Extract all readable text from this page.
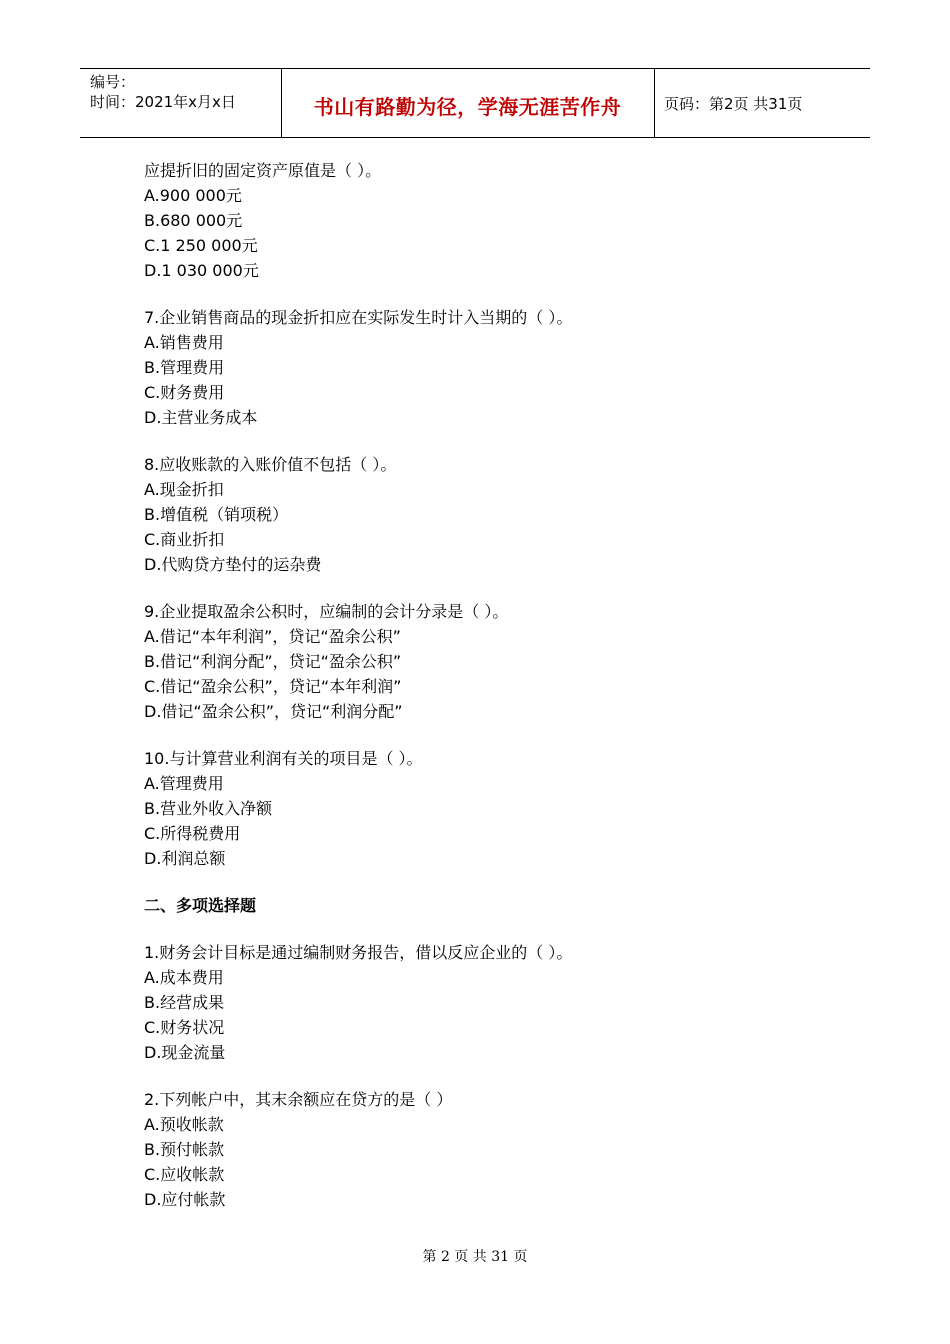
编号：
时间：2021年x月x日	书山有路勤为径，学海无涯苦作舟	页码：第2页 共31页
应提折旧的固定资产原值是（ ）。
A.900 000元
B.680 000元
C.1 250 000元
D.1 030 000元
7.企业销售商品的现金折扣应在实际发生时计入当期的（ ）。
A.销售费用
B.管理费用
C.财务费用
D.主营业务成本
8.应收账款的入账价值不包括（ ）。
A.现金折扣
B.增值税（销项税）
C.商业折扣
D.代购贷方垫付的运杂费
9.企业提取盈余公积时，应编制的会计分录是（ ）。
A.借记“本年利润”，贷记“盈余公积”
B.借记“利润分配”，贷记“盈余公积”
C.借记“盈余公积”，贷记“本年利润”
D.借记“盈余公积”，贷记“利润分配”
10.与计算营业利润有关的项目是（ ）。
A.管理费用
B.营业外收入净额
C.所得税费用
D.利润总额
二、多项选择题
1.财务会计目标是通过编制财务报告，借以反应企业的（ ）。
A.成本费用
B.经营成果
C.财务状况
D.现金流量
2.下列帐户中，其末余额应在贷方的是（ ）
A.预收帐款
B.预付帐款
C.应收帐款
D.应付帐款
第 2 页 共 31 页
